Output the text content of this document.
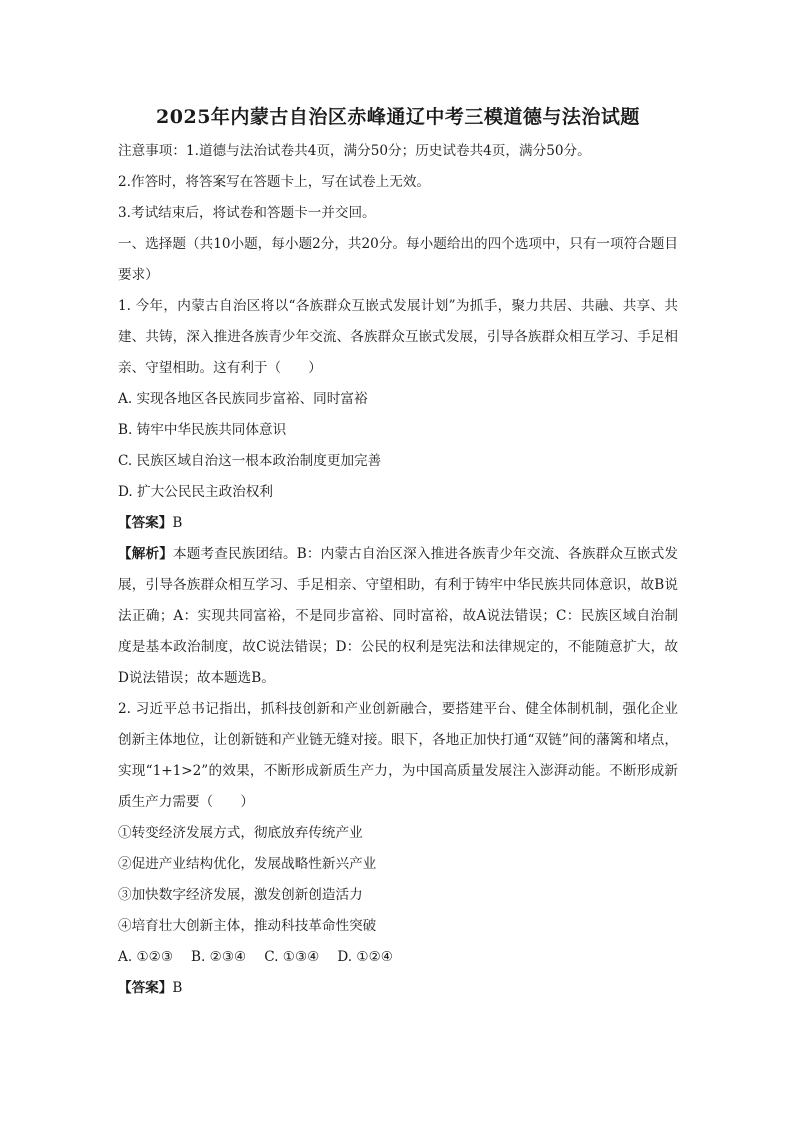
2025年内蒙古自治区赤峰通辽中考三模道德与法治试题

注意事项：1.道德与法治试卷共4页，满分50分；历史试卷共4页，满分50分。

2.作答时，将答案写在答题卡上，写在试卷上无效。

3.考试结束后，将试卷和答题卡一并交回。

一、选择题（共10小题，每小题2分，共20分。每小题给出的四个选项中，只有一项符合题目要求）

1. 今年，内蒙古自治区将以“各族群众互嵌式发展计划”为抓手，聚力共居、共融、共享、共建、共铸，深入推进各族青少年交流、各族群众互嵌式发展，引导各族群众相互学习、手足相亲、守望相助。这有利于（　　）

A. 实现各地区各民族同步富裕、同时富裕

B. 铸牢中华民族共同体意识

C. 民族区域自治这一根本政治制度更加完善

D. 扩大公民民主政治权利

【答案】B

【解析】本题考查民族团结。B：内蒙古自治区深入推进各族青少年交流、各族群众互嵌式发展，引导各族群众相互学习、手足相亲、守望相助，有利于铸牢中华民族共同体意识，故B说法正确；A：实现共同富裕，不是同步富裕、同时富裕，故A说法错误；C：民族区域自治制度是基本政治制度，故C说法错误；D：公民的权利是宪法和法律规定的，不能随意扩大，故D说法错误；故本题选B。

2. 习近平总书记指出，抓科技创新和产业创新融合，要搭建平台、健全体制机制，强化企业创新主体地位，让创新链和产业链无缝对接。眼下，各地正加快打通“双链”间的藩篱和堵点，实现“1+1>2”的效果，不断形成新质生产力，为中国高质量发展注入澎湃动能。不断形成新质生产力需要（　　）

①转变经济发展方式，彻底放弃传统产业

②促进产业结构优化，发展战略性新兴产业

③加快数字经济发展，激发创新创造活力

④培育壮大创新主体，推动科技革命性突破

A. ①②③ B. ②③④ C. ①③④ D. ①②④

【答案】B
